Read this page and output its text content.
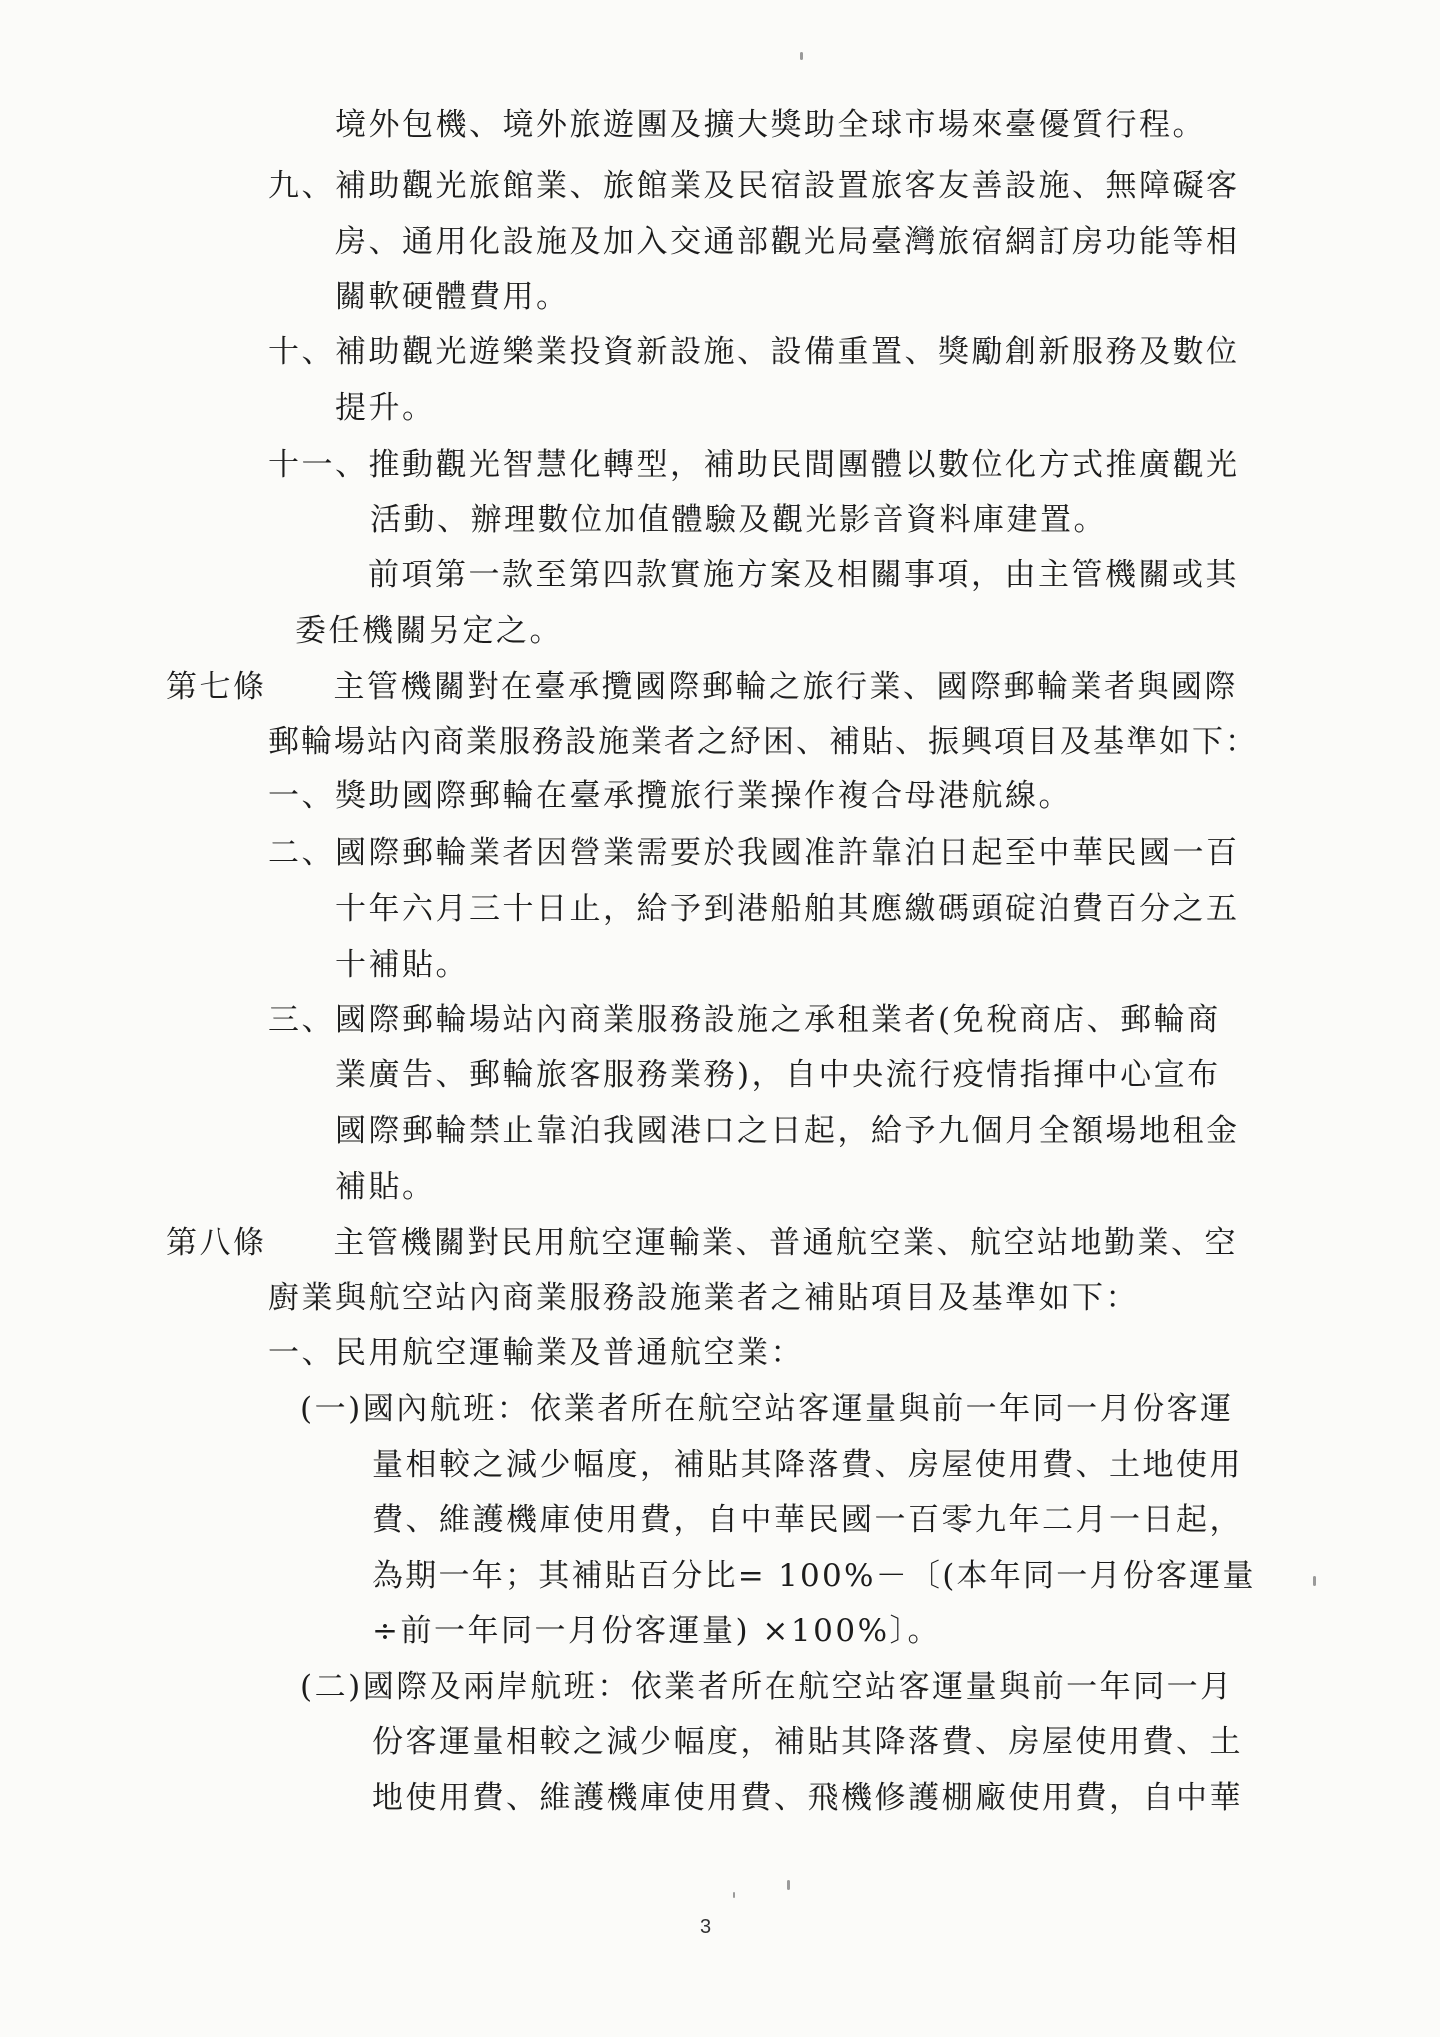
境外包機、境外旅遊團及擴大獎助全球市場來臺優質行程。
九、補助觀光旅館業、旅館業及民宿設置旅客友善設施、無障礙客
房、通用化設施及加入交通部觀光局臺灣旅宿網訂房功能等相
關軟硬體費用。
十、補助觀光遊樂業投資新設施、設備重置、獎勵創新服務及數位
提升。
十一、推動觀光智慧化轉型，補助民間團體以數位化方式推廣觀光
活動、辦理數位加值體驗及觀光影音資料庫建置。
前項第一款至第四款實施方案及相關事項，由主管機關或其
委任機關另定之。
第七條　　主管機關對在臺承攬國際郵輪之旅行業、國際郵輪業者與國際
郵輪場站內商業服務設施業者之紓困、補貼、振興項目及基準如下：
一、獎助國際郵輪在臺承攬旅行業操作複合母港航線。
二、國際郵輪業者因營業需要於我國准許靠泊日起至中華民國一百
十年六月三十日止，給予到港船舶其應繳碼頭碇泊費百分之五
十補貼。
三、國際郵輪場站內商業服務設施之承租業者(免稅商店、郵輪商
業廣告、郵輪旅客服務業務)，自中央流行疫情指揮中心宣布
國際郵輪禁止靠泊我國港口之日起，給予九個月全額場地租金
補貼。
第八條　　主管機關對民用航空運輸業、普通航空業、航空站地勤業、空
廚業與航空站內商業服務設施業者之補貼項目及基準如下：
一、民用航空運輸業及普通航空業：
(一)國內航班：依業者所在航空站客運量與前一年同一月份客運
量相較之減少幅度，補貼其降落費、房屋使用費、土地使用
費、維護機庫使用費，自中華民國一百零九年二月一日起，
為期一年；其補貼百分比= 100%－〔(本年同一月份客運量
÷前一年同一月份客運量) ×100%〕。
(二)國際及兩岸航班：依業者所在航空站客運量與前一年同一月
份客運量相較之減少幅度，補貼其降落費、房屋使用費、土
地使用費、維護機庫使用費、飛機修護棚廠使用費，自中華
3
